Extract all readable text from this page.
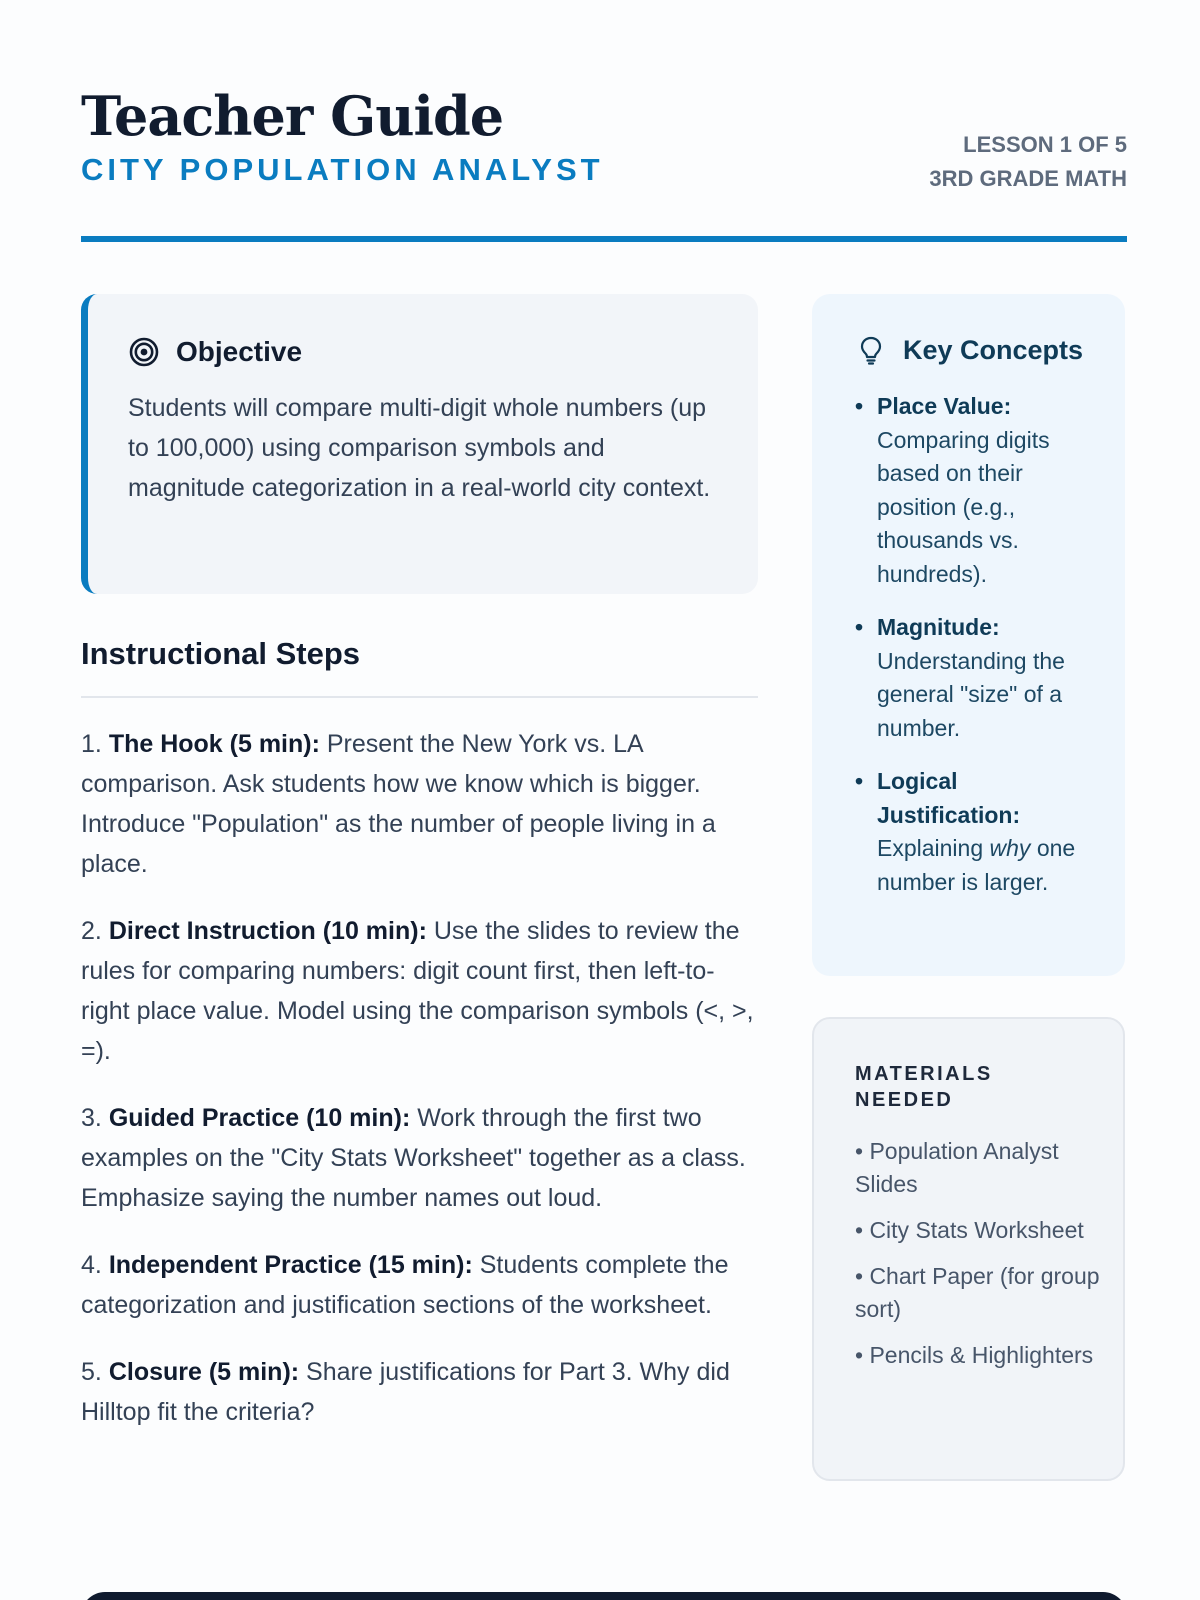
Teacher Guide
CITY POPULATION ANALYST
LESSON 1 OF 5
3RD GRADE MATH
Objective

Students will compare multi-digit whole numbers (up to 100,000) using comparison symbols and magnitude categorization in a real-world city context.

Instructional Steps
1. The Hook (5 min): Present the New York vs. LA comparison. Ask students how we know which is bigger. Introduce "Population" as the number of people living in a place.
2. Direct Instruction (10 min): Use the slides to review the rules for comparing numbers: digit count first, then left-to-right place value. Model using the comparison symbols (<, >, =).
3. Guided Practice (10 min): Work through the first two examples on the "City Stats Worksheet" together as a class. Emphasize saying the number names out loud.
4. Independent Practice (15 min): Students complete the categorization and justification sections of the worksheet.
5. Closure (5 min): Share justifications for Part 3. Why did Hilltop fit the criteria?
Key Concepts
• Place Value:
Comparing digits based on their position (e.g., thousands vs. hundreds).
• Magnitude:
Understanding the general "size" of a number.
• Logical Justification:
Explaining why one number is larger.
MATERIALS NEEDED
• Population Analyst Slides
• City Stats Worksheet
• Chart Paper (for group sort)
• Pencils & Highlighters
